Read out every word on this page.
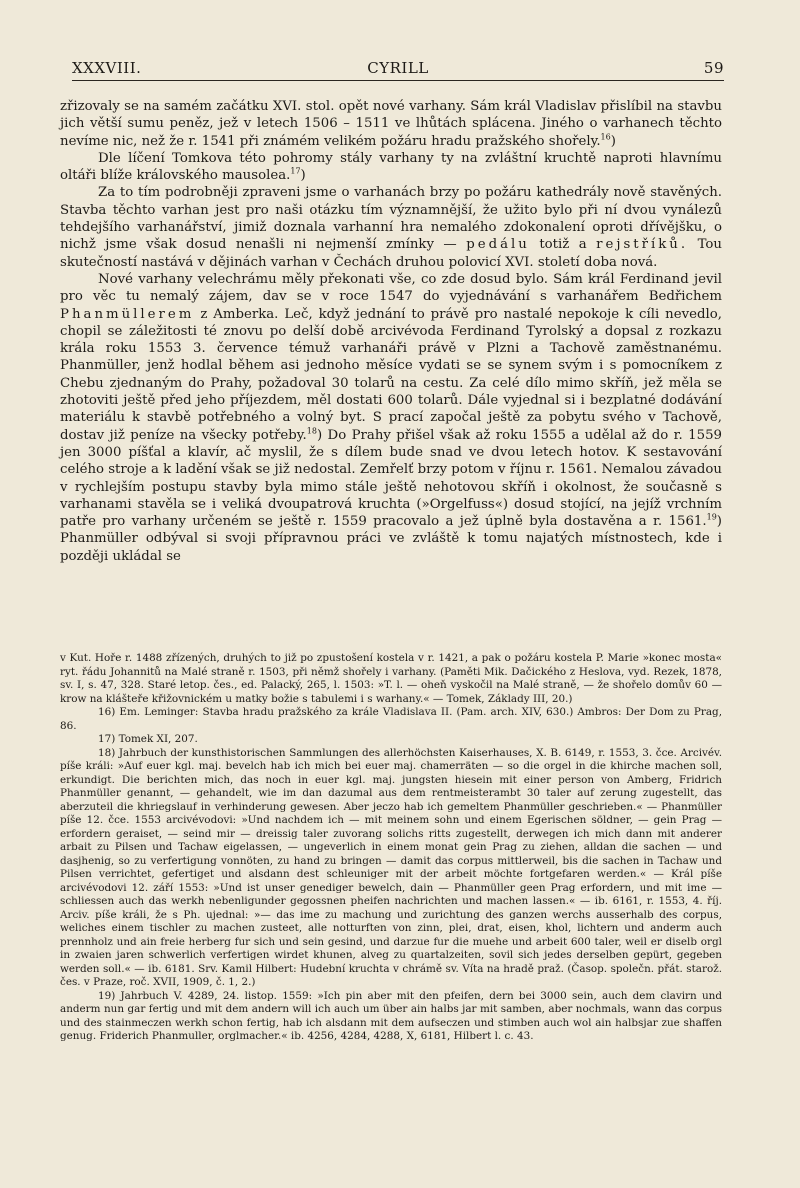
XXXVIII.	CYRILL	59

zřizovaly se na samém začátku XVI. stol. opět nové varhany. Sám král Vladislav přislíbil na stavbu jich větší sumu peněz, jež v letech 1506 – 1511 ve lhůtách splácena. Jiného o varhanech těchto nevíme nic, než že r. 1541 při známém velikém požáru hradu pražského shořely.$^{16}$)

Dle líčení Tomkova této pohromy stály varhany ty na zvláštní kruchtě naproti hlavnímu oltáři blíže královského mausolea.$^{17}$)

Za to tím podrobněji zpraveni jsme o varhanách brzy po požáru kathedrály nově stavěných. Stavba těchto varhan jest pro naši otázku tím významnější, že užito bylo při ní dvou vynálezů tehdejšího varhanářství, jimiž doznala varhanní hra nemalého zdokonalení oproti dřívějšku, o nichž jsme však dosud nenašli ni nejmenší zmínky — pedálu totiž a rejstříků. Tou skutečností nastává v dějinách varhan v Čechách druhou polovicí XVI. století doba nová.

Nové varhany velechrámu měly překonati vše, co zde dosud bylo. Sám král Ferdinand jevil pro věc tu nemalý zájem, dav se v roce 1547 do vyjednávání s varhanářem Bedřichem Phanmüllerem z Amberka. Leč, když jednání to právě pro nastalé nepokoje k cíli nevedlo, chopil se záležitosti té znovu po delší době arcivévoda Ferdinand Tyrolský a dopsal z rozkazu krála roku 1553 3. července témuž varhanáři právě v Plzni a Tachově zaměstnanému. Phanmüller, jenž hodlal během asi jednoho měsíce vydati se se synem svým i s pomocníkem z Chebu zjednaným do Prahy, požadoval 30 tolarů na cestu. Za celé dílo mimo skříň, jež měla se zhotoviti ještě před jeho příjezdem, měl dostati 600 tolarů. Dále vyjednal si i bezplatné dodávání materiálu k stavbě potřebného a volný byt. S prací započal ještě za pobytu svého v Tachově, dostav již peníze na všecky potřeby.$^{18}$) Do Prahy přišel však až roku 1555 a udělal až do r. 1559 jen 3000 píšťal a klavír, ač myslil, že s dílem bude snad ve dvou letech hotov. K sestavování celého stroje a k ladění však se již nedostal. Zemřelť brzy potom v říjnu r. 1561. Nemalou závadou v rychlejším postupu stavby byla mimo stále ještě nehotovou skříň i okolnost, že současně s varhanami stavěla se i veliká dvoupatrová kruchta (»Orgelfuss«) dosud stojící, na jejíž vrchním patře pro varhany určeném se ještě r. 1559 pracovalo a jež úplně byla dostavěna a r. 1561.19) Phanmüller odbýval si svoji přípravnou práci ve zvláště k tomu najatých místnostech, kde i později ukládal se

v Kut. Hoře r. 1488 zřízených, druhých to již po zpustošení kostela v r. 1421, a pak o požáru kostela P. Marie »konec mosta« ryt. řádu Johannitů na Malé straně r. 1503, při němž shořely i varhany. (Paměti Mik. Dačického z Heslova, vyd. Rezek, 1878, sv. I, s. 47, 328. Staré letop. čes., ed. Palacký, 265, l. 1503: »T. l. — oheň vyskočil na Malé straně, — že shořelo domův 60 — krow na klášteře křižovnickém u matky božie s tabulemi i s warhany.« — Tomek, Základy III, 20.)

16) Em. Leminger: Stavba hradu pražského za krále Vladislava II. (Pam. arch. XIV, 630.) Ambros: Der Dom zu Prag, 86.

17) Tomek XI, 207.

18) Jahrbuch der kunsthistorischen Sammlungen des allerhöchsten Kaiserhauses, X. B. 6149, r. 1553, 3. čce. Arcivév. píše králi: »Auf euer kgl. maj. bevelch hab ich mich bei euer maj. chamerräten — so die orgel in die khirche machen soll, erkundigt. Die berichten mich, das noch in euer kgl. maj. jungsten hiesein mit einer person von Amberg, Fridrich Phanmüller genannt, — gehandelt, wie im dan dazumal aus dem rentmeisterambt 30 taler auf zerung zugestellt, das aberzuteil die khriegslauf in verhinderung gewesen. Aber jeczo hab ich gemeltem Phanmüller geschrieben.« — Phanmüller píše 12. čce. 1553 arcivévodovi: »Und nachdem ich — mit meinem sohn und einem Egerischen söldner, — gein Prag — erfordern geraiset, — seind mir — dreissig taler zuvorang solichs ritts zugestellt, derwegen ich mich dann mit anderer arbait zu Pilsen und Tachaw eigelassen, — ungeverlich in einem monat gein Prag zu ziehen, alldan die sachen — und dasjhenig, so zu verfertigung vonnöten, zu hand zu bringen — damit das corpus mittlerweil, bis die sachen in Tachaw und Pilsen verrichtet, gefertiget und alsdann dest schleuniger mit der arbeit möchte fortgefaren werden.« — Král píše arcivévodovi 12. září 1553: »Und ist unser genediger bewelch, dain — Phanmüller geen Prag erfordern, und mit ime — schliessen auch das werkh nebenligunder gegossnen pheifen nachrichten und machen lassen.« — ib. 6161, r. 1553, 4. říj. Arciv. píše králi, že s Ph. ujednal: »— das ime zu machung und zurichtung des ganzen werchs ausserhalb des corpus, weliches einem tischler zu machen zusteet, alle notturften von zinn, plei, drat, eisen, khol, lichtern und anderm auch prennholz und ain freie herberg fur sich und sein gesind, und darzue fur die muehe und arbeit 600 taler, weil er diselb orgl in zwaien jaren schwerlich verfertigen wirdet khunen, alveg zu quartalzeiten, sovil sich jedes derselben gepürt, gegeben werden soll.« — ib. 6181. Srv. Kamil Hilbert: Hudební kruchta v chrámě sv. Víta na hradě praž. (Časop. společn. přát. starož. čes. v Praze, roč. XVII, 1909, č. 1, 2.)

19) Jahrbuch V. 4289, 24. listop. 1559: »Ich pin aber mit den pfeifen, dern bei 3000 sein, auch dem clavirn und anderm nun gar fertig und mit dem andern will ich auch um über ain halbs jar mit samben, aber nochmals, wann das corpus und des stainmeczen werkh schon fertig, hab ich alsdann mit dem aufseczen und stimben auch wol ain halbsjar zue shaffen genug. Friderich Phanmuller, orglmacher.« ib. 4256, 4284, 4288, X, 6181, Hilbert l. c. 43.
